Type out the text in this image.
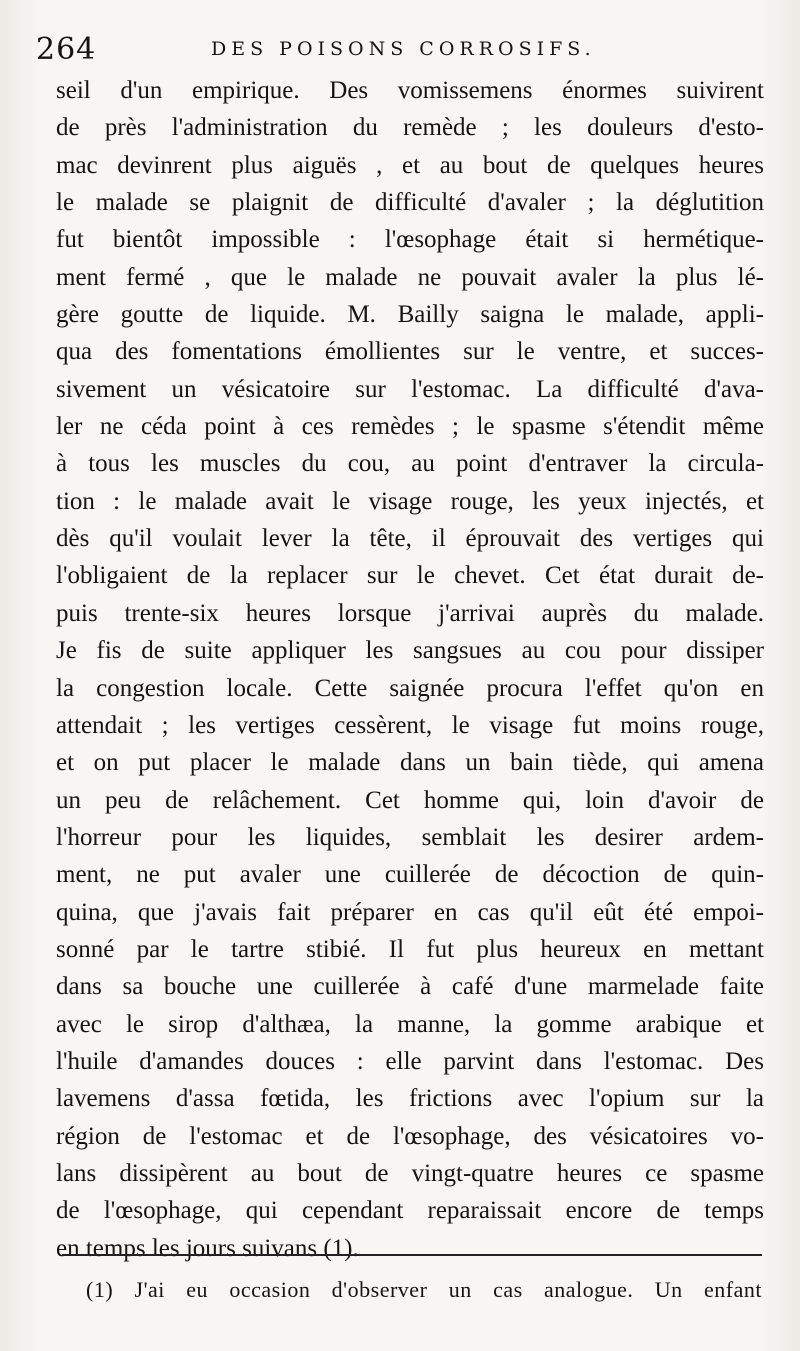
264	DES POISONS CORROSIFS.
seil d'un empirique. Des vomissemens énormes suivirent
de près l'administration du remède ; les douleurs d'esto-
mac devinrent plus aiguës , et au bout de quelques heures
le malade se plaignit de difficulté d'avaler ; la déglutition
fut bientôt impossible : l'œsophage était si hermétique-
ment fermé , que le malade ne pouvait avaler la plus lé-
gère goutte de liquide. M. Bailly saigna le malade, appli-
qua des fomentations émollientes sur le ventre, et succes-
sivement un vésicatoire sur l'estomac. La difficulté d'ava-
ler ne céda point à ces remèdes ; le spasme s'étendit même
à tous les muscles du cou, au point d'entraver la circula-
tion : le malade avait le visage rouge, les yeux injectés, et
dès qu'il voulait lever la tête, il éprouvait des vertiges qui
l'obligaient de la replacer sur le chevet. Cet état durait de-
puis trente-six heures lorsque j'arrivai auprès du malade.
Je fis de suite appliquer les sangsues au cou pour dissiper
la congestion locale. Cette saignée procura l'effet qu'on en
attendait ; les vertiges cessèrent, le visage fut moins rouge,
et on put placer le malade dans un bain tiède, qui amena
un peu de relâchement. Cet homme qui, loin d'avoir de
l'horreur pour les liquides, semblait les desirer ardem-
ment, ne put avaler une cuillerée de décoction de quin-
quina, que j'avais fait préparer en cas qu'il eût été empoi-
sonné par le tartre stibié. Il fut plus heureux en mettant
dans sa bouche une cuillerée à café d'une marmelade faite
avec le sirop d'althæa, la manne, la gomme arabique et
l'huile d'amandes douces : elle parvint dans l'estomac. Des
lavemens d'assa fœtida, les frictions avec l'opium sur la
région de l'estomac et de l'œsophage, des vésicatoires vo-
lans dissipèrent au bout de vingt-quatre heures ce spasme
de l'œsophage, qui cependant reparaissait encore de temps
en temps les jours suivans (1).
(1) J'ai eu occasion d'observer un cas analogue. Un enfant
